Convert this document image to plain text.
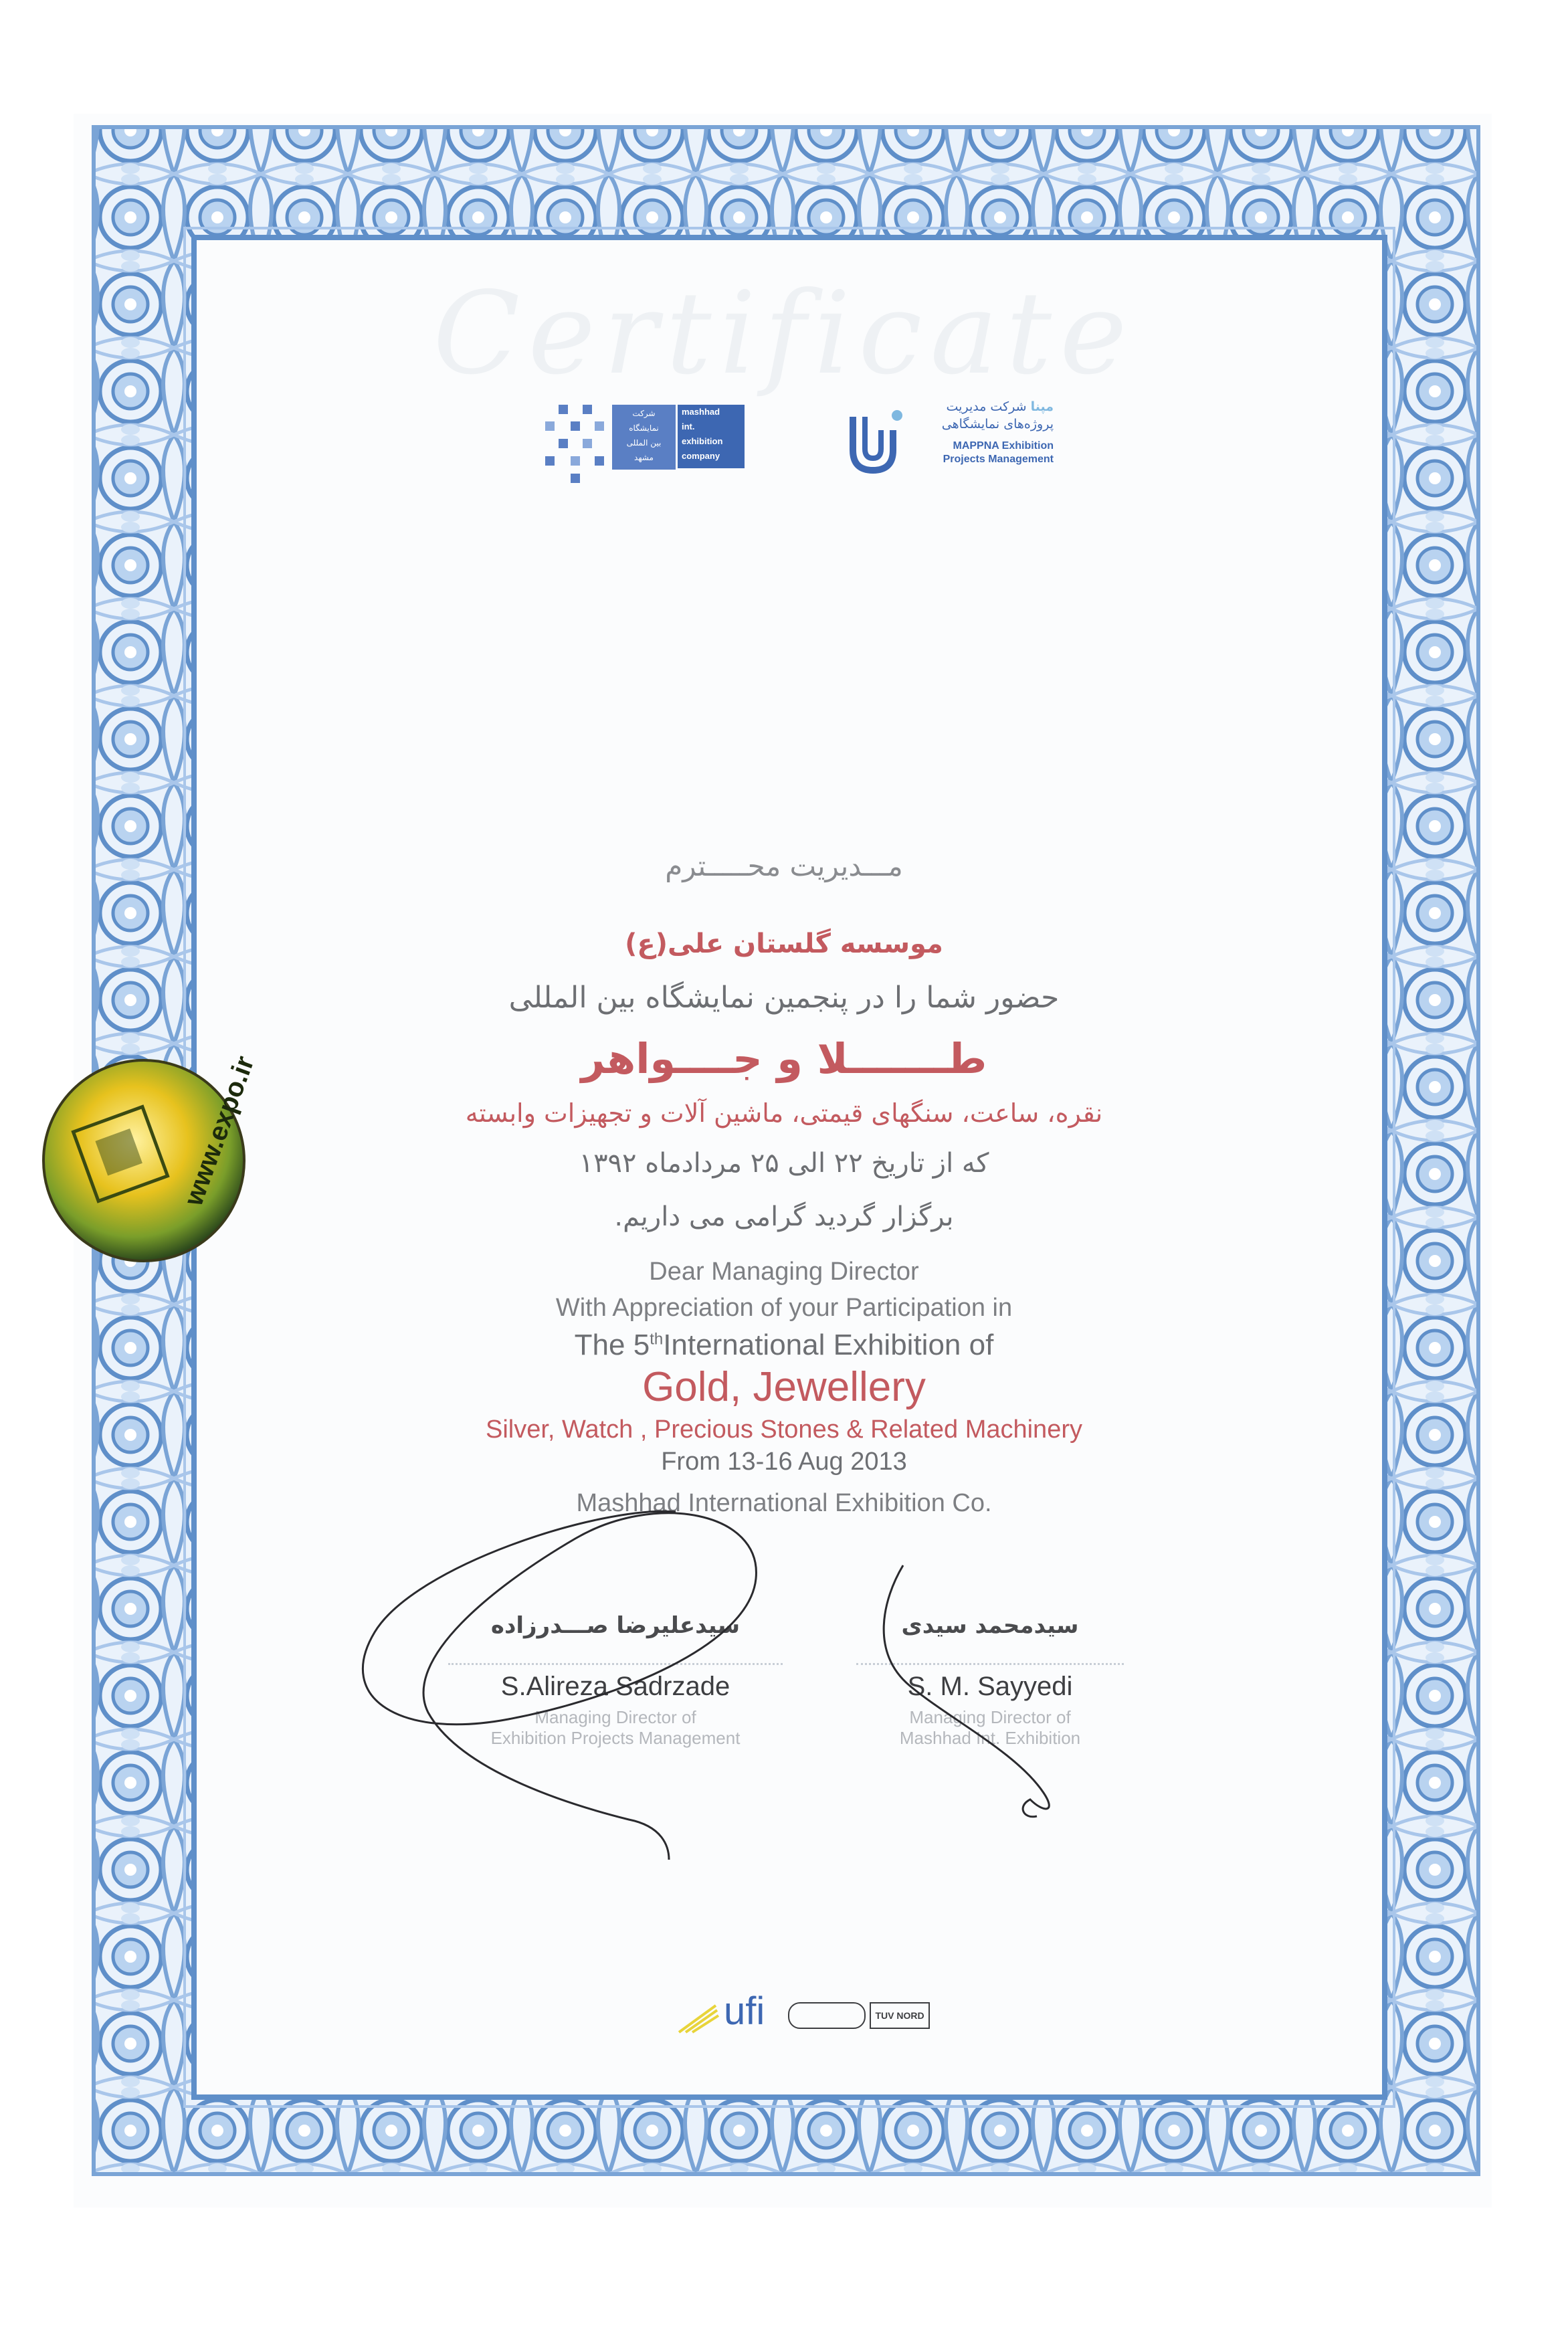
Certificate
شرکت
نمایشگاه
بین المللی
مشهد
mashhad
int.
exhibition
company
مپنا شرکت مدیریت
پروژه‌های نمایشگاهی
MAPPNA Exhibition
Projects Management
www.expo.ir
مـــدیریت محـــــترم
موسسه گلستان علی(ع)
حضور شما را در پنجمین نمایشگاه بین المللی
طـــــــلا و جــــواهر
نقره، ساعت، سنگهای قیمتی، ماشین آلات و تجهیزات وابسته
که از تاریخ ۲۲ الی ۲۵ مردادماه ۱۳۹۲
برگزار گردید گرامی می داریم.
Dear Managing Director
With Appreciation of your Participation in
The 5thInternational Exhibition of
Gold, Jewellery
Silver, Watch , Precious Stones & Related Machinery
From 13-16 Aug 2013
Mashhad International Exhibition Co.
سیدعلیرضا صـــدرزاده
S.Alireza Sadrzade
Managing Director of
Exhibition Projects Management
سیدمحمد سیدی
S. M. Sayyedi
Managing Director of
Mashhad Int. Exhibition
ufi	TUV NORD
